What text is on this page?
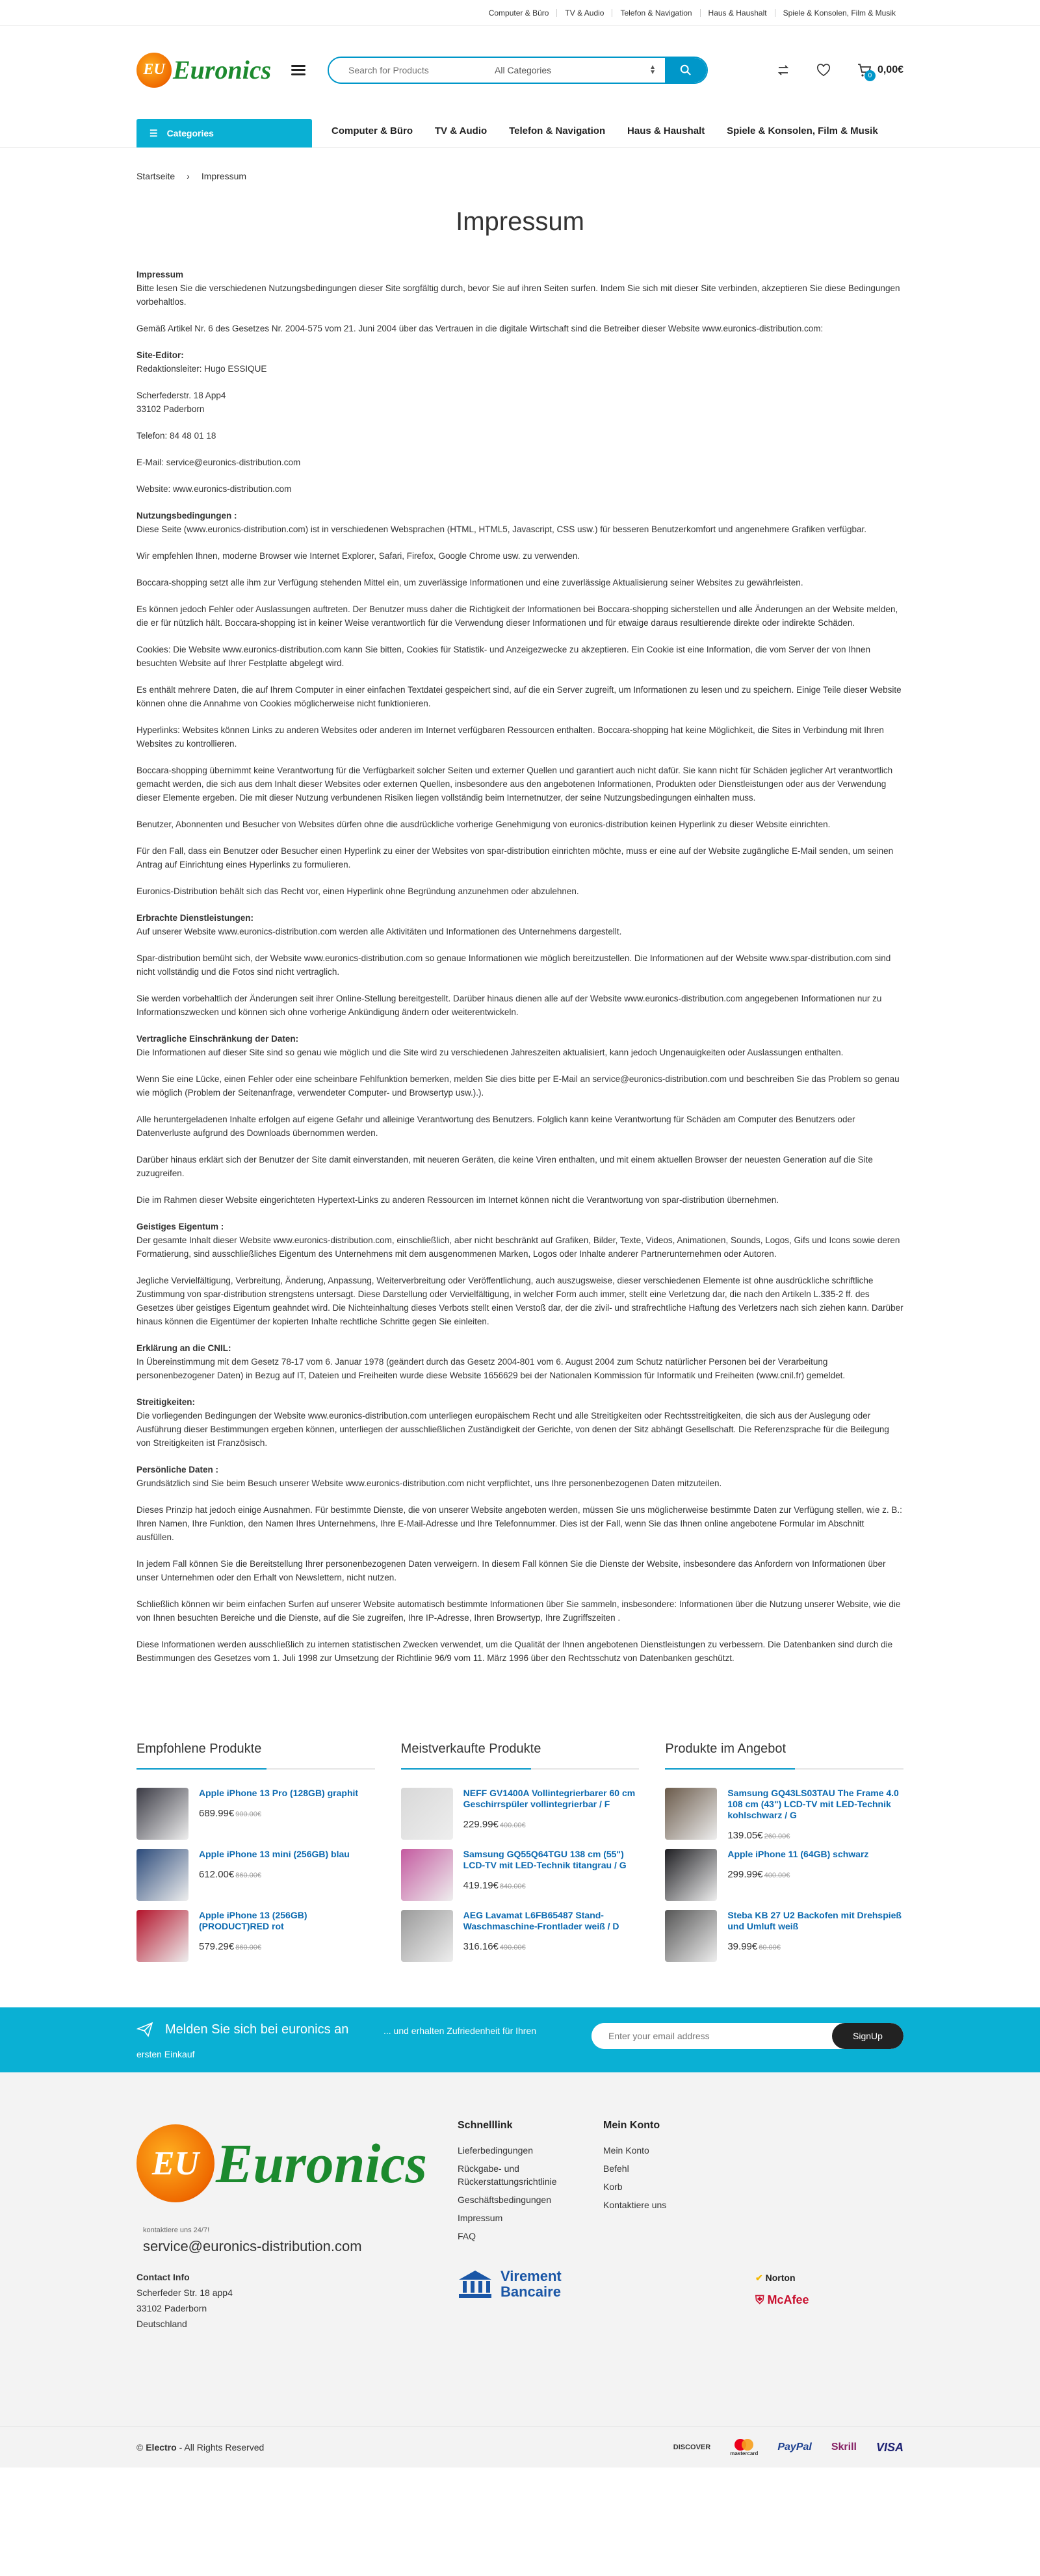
Computer & Büro	TV & Audio	Telefon & Navigation	Haus & Haushalt	Spiele & Konsolen, Film & Musik
EU Euronics
Search for Products	All Categories	▲
▼	0
0,00€
☰ Categories	Computer & Büro TV & Audio Telefon & Navigation Haus & Haushalt Spiele & Konsolen, Film & Musik
Startseite › Impressum
Impressum
Impressum

Bitte lesen Sie die verschiedenen Nutzungsbedingungen dieser Site sorgfältig durch, bevor Sie auf ihren Seiten surfen. Indem Sie sich mit dieser Site verbinden, akzeptieren Sie diese Bedingungen vorbehaltlos.

Gemäß Artikel Nr. 6 des Gesetzes Nr. 2004-575 vom 21. Juni 2004 über das Vertrauen in die digitale Wirtschaft sind die Betreiber dieser Website www.euronics-distribution.com:

Site-Editor:

Redaktionsleiter: Hugo ESSIQUE

Scherfederstr. 18 App4
33102 Paderborn

Telefon: 84 48 01 18

E-Mail: service@euronics-distribution.com

Website: www.euronics-distribution.com

Nutzungsbedingungen :

Diese Seite (www.euronics-distribution.com) ist in verschiedenen Websprachen (HTML, HTML5, Javascript, CSS usw.) für besseren Benutzerkomfort und angenehmere Grafiken verfügbar.

Wir empfehlen Ihnen, moderne Browser wie Internet Explorer, Safari, Firefox, Google Chrome usw. zu verwenden.

Boccara-shopping setzt alle ihm zur Verfügung stehenden Mittel ein, um zuverlässige Informationen und eine zuverlässige Aktualisierung seiner Websites zu gewährleisten.

Es können jedoch Fehler oder Auslassungen auftreten. Der Benutzer muss daher die Richtigkeit der Informationen bei Boccara-shopping sicherstellen und alle Änderungen an der Website melden, die er für nützlich hält. Boccara-shopping ist in keiner Weise verantwortlich für die Verwendung dieser Informationen und für etwaige daraus resultierende direkte oder indirekte Schäden.

Cookies: Die Website www.euronics-distribution.com kann Sie bitten, Cookies für Statistik- und Anzeigezwecke zu akzeptieren. Ein Cookie ist eine Information, die vom Server der von Ihnen besuchten Website auf Ihrer Festplatte abgelegt wird.

Es enthält mehrere Daten, die auf Ihrem Computer in einer einfachen Textdatei gespeichert sind, auf die ein Server zugreift, um Informationen zu lesen und zu speichern. Einige Teile dieser Website können ohne die Annahme von Cookies möglicherweise nicht funktionieren.

Hyperlinks: Websites können Links zu anderen Websites oder anderen im Internet verfügbaren Ressourcen enthalten. Boccara-shopping hat keine Möglichkeit, die Sites in Verbindung mit Ihren Websites zu kontrollieren.

Boccara-shopping übernimmt keine Verantwortung für die Verfügbarkeit solcher Seiten und externer Quellen und garantiert auch nicht dafür. Sie kann nicht für Schäden jeglicher Art verantwortlich gemacht werden, die sich aus dem Inhalt dieser Websites oder externen Quellen, insbesondere aus den angebotenen Informationen, Produkten oder Dienstleistungen oder aus der Verwendung dieser Elemente ergeben. Die mit dieser Nutzung verbundenen Risiken liegen vollständig beim Internetnutzer, der seine Nutzungsbedingungen einhalten muss.

Benutzer, Abonnenten und Besucher von Websites dürfen ohne die ausdrückliche vorherige Genehmigung von euronics-distribution keinen Hyperlink zu dieser Website einrichten.

Für den Fall, dass ein Benutzer oder Besucher einen Hyperlink zu einer der Websites von spar-distribution einrichten möchte, muss er eine auf der Website zugängliche E-Mail senden, um seinen Antrag auf Einrichtung eines Hyperlinks zu formulieren.

Euronics-Distribution behält sich das Recht vor, einen Hyperlink ohne Begründung anzunehmen oder abzulehnen.

Erbrachte Dienstleistungen:

Auf unserer Website www.euronics-distribution.com werden alle Aktivitäten und Informationen des Unternehmens dargestellt.

Spar-distribution bemüht sich, der Website www.euronics-distribution.com so genaue Informationen wie möglich bereitzustellen. Die Informationen auf der Website www.spar-distribution.com sind nicht vollständig und die Fotos sind nicht vertraglich.

Sie werden vorbehaltlich der Änderungen seit ihrer Online-Stellung bereitgestellt. Darüber hinaus dienen alle auf der Website www.euronics-distribution.com angegebenen Informationen nur zu Informationszwecken und können sich ohne vorherige Ankündigung ändern oder weiterentwickeln.

Vertragliche Einschränkung der Daten:

Die Informationen auf dieser Site sind so genau wie möglich und die Site wird zu verschiedenen Jahreszeiten aktualisiert, kann jedoch Ungenauigkeiten oder Auslassungen enthalten.

Wenn Sie eine Lücke, einen Fehler oder eine scheinbare Fehlfunktion bemerken, melden Sie dies bitte per E-Mail an service@euronics-distribution.com und beschreiben Sie das Problem so genau wie möglich (Problem der Seitenanfrage, verwendeter Computer- und Browsertyp usw.).).

Alle heruntergeladenen Inhalte erfolgen auf eigene Gefahr und alleinige Verantwortung des Benutzers. Folglich kann keine Verantwortung für Schäden am Computer des Benutzers oder Datenverluste aufgrund des Downloads übernommen werden.

Darüber hinaus erklärt sich der Benutzer der Site damit einverstanden, mit neueren Geräten, die keine Viren enthalten, und mit einem aktuellen Browser der neuesten Generation auf die Site zuzugreifen.

Die im Rahmen dieser Website eingerichteten Hypertext-Links zu anderen Ressourcen im Internet können nicht die Verantwortung von spar-distribution übernehmen.

Geistiges Eigentum :

Der gesamte Inhalt dieser Website www.euronics-distribution.com, einschließlich, aber nicht beschränkt auf Grafiken, Bilder, Texte, Videos, Animationen, Sounds, Logos, Gifs und Icons sowie deren Formatierung, sind ausschließliches Eigentum des Unternehmens mit dem ausgenommenen Marken, Logos oder Inhalte anderer Partnerunternehmen oder Autoren.

Jegliche Vervielfältigung, Verbreitung, Änderung, Anpassung, Weiterverbreitung oder Veröffentlichung, auch auszugsweise, dieser verschiedenen Elemente ist ohne ausdrückliche schriftliche Zustimmung von spar-distribution strengstens untersagt. Diese Darstellung oder Vervielfältigung, in welcher Form auch immer, stellt eine Verletzung dar, die nach den Artikeln L.335-2 ff. des Gesetzes über geistiges Eigentum geahndet wird. Die Nichteinhaltung dieses Verbots stellt einen Verstoß dar, der die zivil- und strafrechtliche Haftung des Verletzers nach sich ziehen kann. Darüber hinaus können die Eigentümer der kopierten Inhalte rechtliche Schritte gegen Sie einleiten.

Erklärung an die CNIL:

In Übereinstimmung mit dem Gesetz 78-17 vom 6. Januar 1978 (geändert durch das Gesetz 2004-801 vom 6. August 2004 zum Schutz natürlicher Personen bei der Verarbeitung personenbezogener Daten) in Bezug auf IT, Dateien und Freiheiten wurde diese Website 1656629 bei der Nationalen Kommission für Informatik und Freiheiten (www.cnil.fr) gemeldet.

Streitigkeiten:

Die vorliegenden Bedingungen der Website www.euronics-distribution.com unterliegen europäischem Recht und alle Streitigkeiten oder Rechtsstreitigkeiten, die sich aus der Auslegung oder Ausführung dieser Bestimmungen ergeben können, unterliegen der ausschließlichen Zuständigkeit der Gerichte, von denen der Sitz abhängt Gesellschaft. Die Referenzsprache für die Beilegung von Streitigkeiten ist Französisch.

Persönliche Daten :

Grundsätzlich sind Sie beim Besuch unserer Website www.euronics-distribution.com nicht verpflichtet, uns Ihre personenbezogenen Daten mitzuteilen.

Dieses Prinzip hat jedoch einige Ausnahmen. Für bestimmte Dienste, die von unserer Website angeboten werden, müssen Sie uns möglicherweise bestimmte Daten zur Verfügung stellen, wie z. B.: Ihren Namen, Ihre Funktion, den Namen Ihres Unternehmens, Ihre E-Mail-Adresse und Ihre Telefonnummer. Dies ist der Fall, wenn Sie das Ihnen online angebotene Formular im Abschnitt ausfüllen.

In jedem Fall können Sie die Bereitstellung Ihrer personenbezogenen Daten verweigern. In diesem Fall können Sie die Dienste der Website, insbesondere das Anfordern von Informationen über unser Unternehmen oder den Erhalt von Newslettern, nicht nutzen.

Schließlich können wir beim einfachen Surfen auf unserer Website automatisch bestimmte Informationen über Sie sammeln, insbesondere: Informationen über die Nutzung unserer Website, wie die von Ihnen besuchten Bereiche und die Dienste, auf die Sie zugreifen, Ihre IP-Adresse, Ihren Browsertyp, Ihre Zugriffszeiten .

Diese Informationen werden ausschließlich zu internen statistischen Zwecken verwendet, um die Qualität der Ihnen angebotenen Dienstleistungen zu verbessern. Die Datenbanken sind durch die Bestimmungen des Gesetzes vom 1. Juli 1998 zur Umsetzung der Richtlinie 96/9 vom 11. März 1996 über den Rechtsschutz von Datenbanken geschützt.

Empfohlene Produkte
Apple iPhone 13 Pro (128GB) graphit
689.99€ 900.00€
Apple iPhone 13 mini (256GB) blau
612.00€ 860.00€
Apple iPhone 13 (256GB) (PRODUCT)RED rot
579.29€ 860.00€
Meistverkaufte Produkte
NEFF GV1400A Vollintegrierbarer 60 cm Geschirrspüler vollintegrierbar / F
229.99€ 400.00€
Samsung GQ55Q64TGU 138 cm (55") LCD-TV mit LED-Technik titangrau / G
419.19€ 840.00€
AEG Lavamat L6FB65487 Stand-Waschmaschine-Frontlader weiß / D
316.16€ 490.00€
Produkte im Angebot
Samsung GQ43LS03TAU The Frame 4.0 108 cm (43") LCD-TV mit LED-Technik kohlschwarz / G
139.05€ 260.00€
Apple iPhone 11 (64GB) schwarz
299.99€ 400.00€
Steba KB 27 U2 Backofen mit Drehspieß und Umluft weiß
39.99€ 60.00€
Melden Sie sich bei euronics an
ersten Einkauf
... und erhalten Zufriedenheit für Ihren
Enter your email address	SignUp
EU Euronics
kontaktiere uns 24/7!
service@euronics-distribution.com
Contact Info
Scherfeder Str. 18 app4
33102 Paderborn
Deutschland
Schnelllink
Lieferbedingungen
Rückgabe- und Rückerstattungsrichtlinie
Geschäftsbedingungen
Impressum
FAQ
Mein Konto
Mein Konto
Befehl
Korb
Kontaktiere uns
Virement
Bancaire
✔ Norton
⛨ McAfee
© Electro - All Rights Reserved	DISCOVER
mastercard
PayPal Skrill VISA
